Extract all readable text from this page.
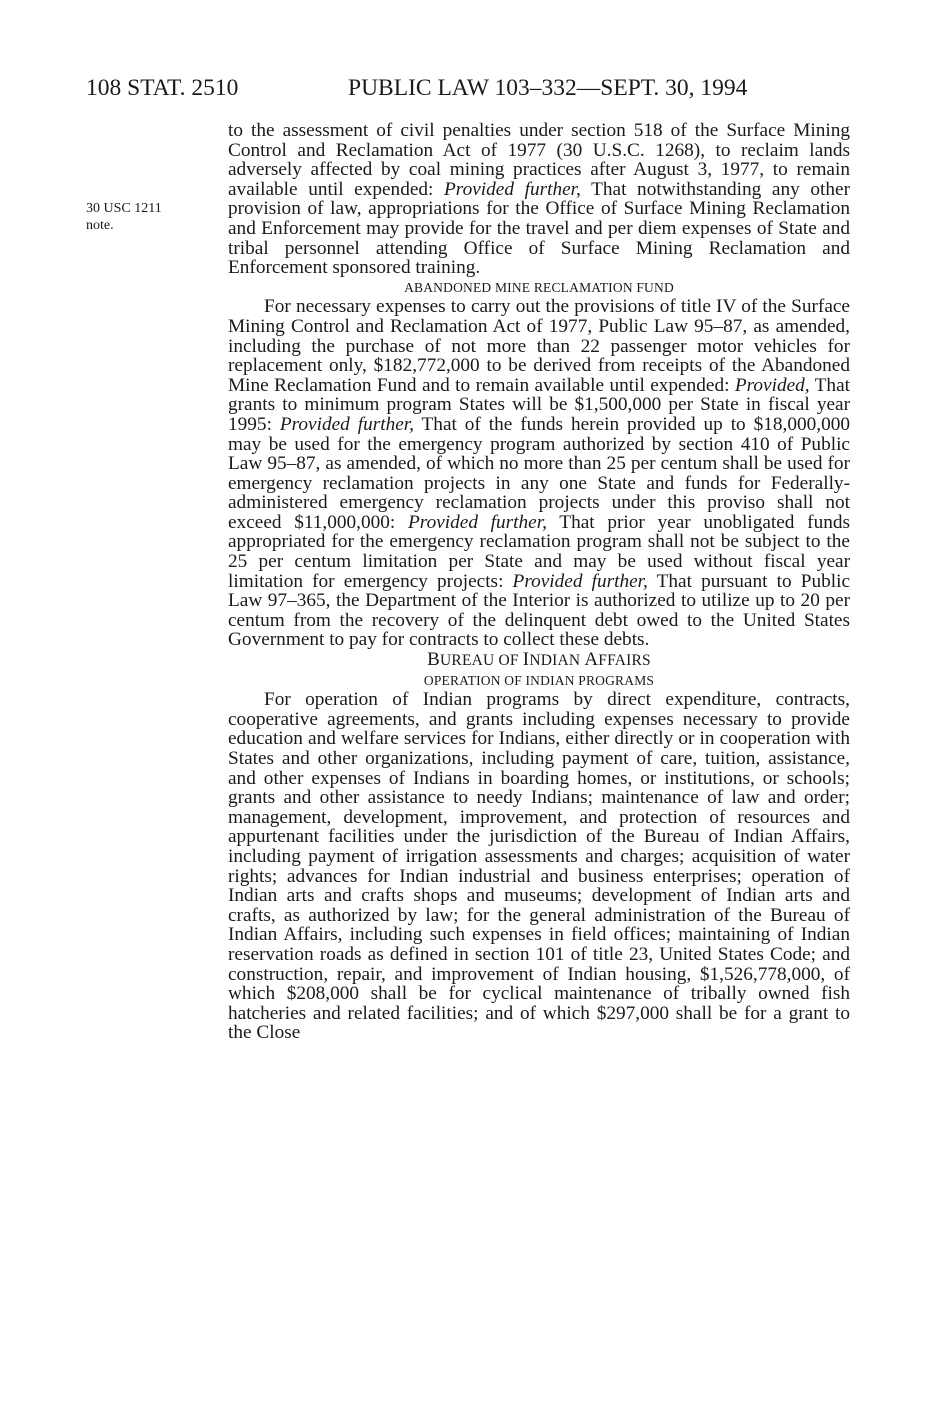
108 STAT. 2510	PUBLIC LAW 103–332—SEPT. 30, 1994
30 USC 1211
note.

to the assessment of civil penalties under section 518 of the Surface Mining Control and Reclamation Act of 1977 (30 U.S.C. 1268), to reclaim lands adversely affected by coal mining practices after August 3, 1977, to remain available until expended: Provided further, That notwithstanding any other provision of law, appropriations for the Office of Surface Mining Reclamation and Enforcement may provide for the travel and per diem expenses of State and tribal personnel attending Office of Surface Mining Reclamation and Enforcement sponsored training.

ABANDONED MINE RECLAMATION FUND

For necessary expenses to carry out the provisions of title IV of the Surface Mining Control and Reclamation Act of 1977, Public Law 95–87, as amended, including the purchase of not more than 22 passenger motor vehicles for replacement only, $182,772,000 to be derived from receipts of the Abandoned Mine Reclamation Fund and to remain available until expended: Provided, That grants to minimum program States will be $1,500,000 per State in fiscal year 1995: Provided further, That of the funds herein provided up to $18,000,000 may be used for the emergency program authorized by section 410 of Public Law 95–87, as amended, of which no more than 25 per centum shall be used for emergency reclamation projects in any one State and funds for Federally-administered emergency reclamation projects under this proviso shall not exceed $11,000,000: Provided further, That prior year unobligated funds appropriated for the emergency reclamation program shall not be subject to the 25 per centum limitation per State and may be used without fiscal year limitation for emergency projects: Provided further, That pursuant to Public Law 97–365, the Department of the Interior is authorized to utilize up to 20 per centum from the recovery of the delinquent debt owed to the United States Government to pay for contracts to collect these debts.

BUREAU OF INDIAN AFFAIRS

OPERATION OF INDIAN PROGRAMS

For operation of Indian programs by direct expenditure, contracts, cooperative agreements, and grants including expenses necessary to provide education and welfare services for Indians, either directly or in cooperation with States and other organizations, including payment of care, tuition, assistance, and other expenses of Indians in boarding homes, or institutions, or schools; grants and other assistance to needy Indians; maintenance of law and order; management, development, improvement, and protection of resources and appurtenant facilities under the jurisdiction of the Bureau of Indian Affairs, including payment of irrigation assessments and charges; acquisition of water rights; advances for Indian industrial and business enterprises; operation of Indian arts and crafts shops and museums; development of Indian arts and crafts, as authorized by law; for the general administration of the Bureau of Indian Affairs, including such expenses in field offices; maintaining of Indian reservation roads as defined in section 101 of title 23, United States Code; and construction, repair, and improvement of Indian housing, $1,526,778,000, of which $208,000 shall be for cyclical maintenance of tribally owned fish hatcheries and related facilities; and of which $297,000 shall be for a grant to the Close
